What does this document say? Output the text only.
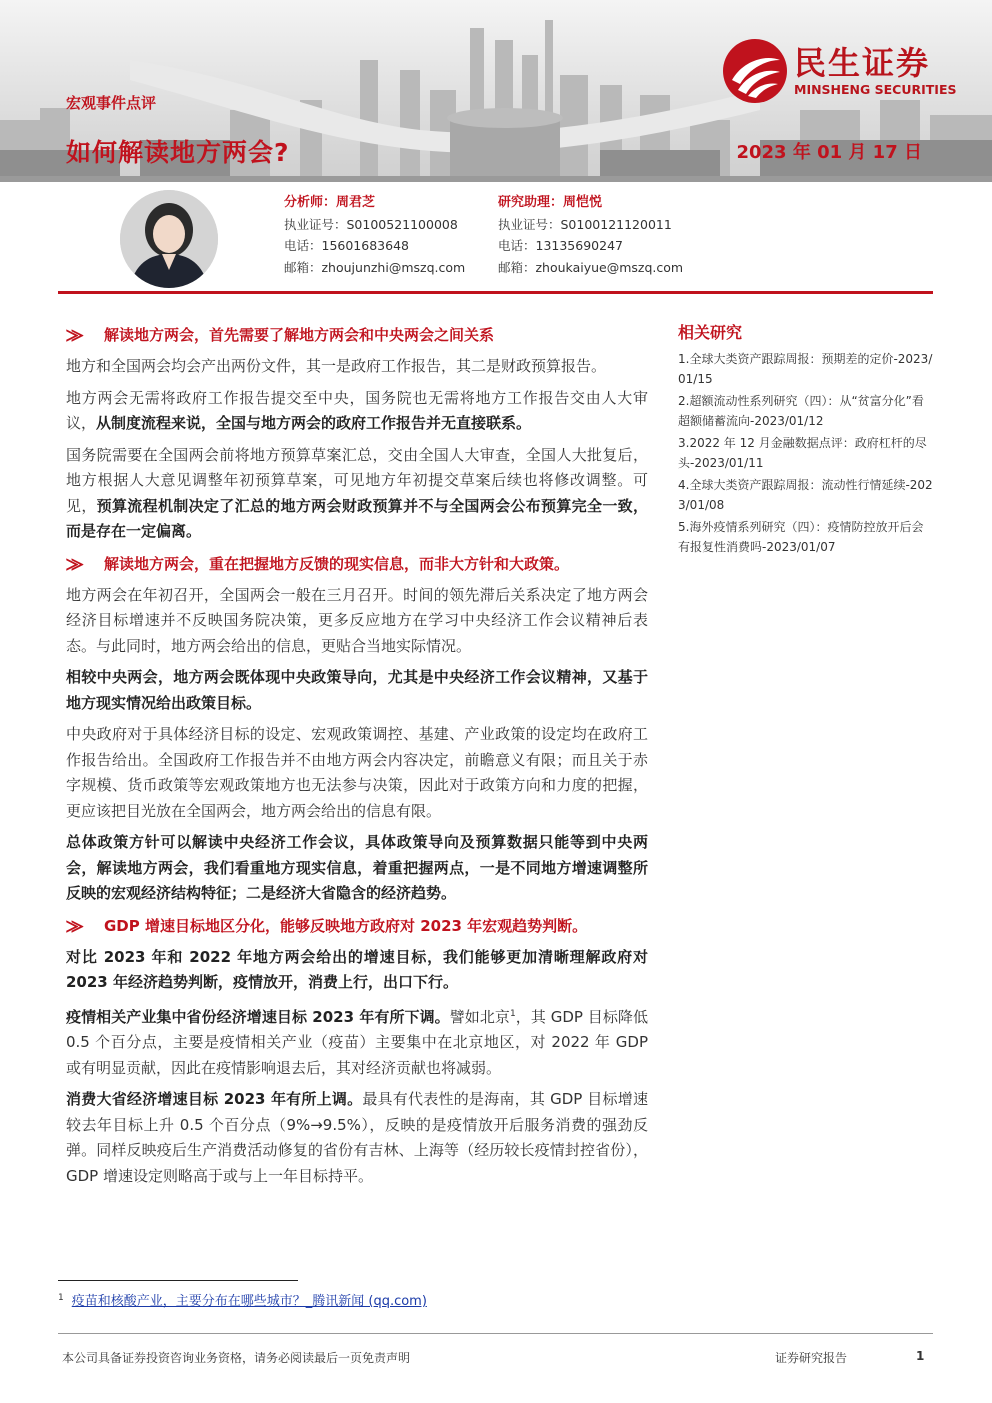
宏观事件点评
如何解读地方两会?	2023 年 01 月 17 日
民生证券
MINSHENG SECURITIES
分析师：周君芝
执业证号：S0100521100008
电话：15601683648
邮箱：zhoujunzhi@mszq.com
研究助理：周恺悦
执业证号：S0100121120011
电话：13135690247
邮箱：zhoukaiyue@mszq.com
⨠ 解读地方两会，首先需要了解地方两会和中央两会之间关系

地方和全国两会均会产出两份文件，其一是政府工作报告，其二是财政预算报告。

地方两会无需将政府工作报告提交至中央，国务院也无需将地方工作报告交由人大审议，从制度流程来说，全国与地方两会的政府工作报告并无直接联系。

国务院需要在全国两会前将地方预算草案汇总，交由全国人大审查，全国人大批复后，地方根据人大意见调整年初预算草案，可见地方年初提交草案后续也将修改调整。可见，预算流程机制决定了汇总的地方两会财政预算并不与全国两会公布预算完全一致，而是存在一定偏离。

⨠ 解读地方两会，重在把握地方反馈的现实信息，而非大方针和大政策。

地方两会在年初召开，全国两会一般在三月召开。时间的领先滞后关系决定了地方两会经济目标增速并不反映国务院决策，更多反应地方在学习中央经济工作会议精神后表态。与此同时，地方两会给出的信息，更贴合当地实际情况。

相较中央两会，地方两会既体现中央政策导向，尤其是中央经济工作会议精神，又基于地方现实情况给出政策目标。

中央政府对于具体经济目标的设定、宏观政策调控、基建、产业政策的设定均在政府工作报告给出。全国政府工作报告并不由地方两会内容决定，前瞻意义有限；而且关于赤字规模、货币政策等宏观政策地方也无法参与决策，因此对于政策方向和力度的把握，更应该把目光放在全国两会，地方两会给出的信息有限。

总体政策方针可以解读中央经济工作会议，具体政策导向及预算数据只能等到中央两会，解读地方两会，我们看重地方现实信息，着重把握两点，一是不同地方增速调整所反映的宏观经济结构特征；二是经济大省隐含的经济趋势。

⨠ GDP 增速目标地区分化，能够反映地方政府对 2023 年宏观趋势判断。

对比 2023 年和 2022 年地方两会给出的增速目标，我们能够更加清晰理解政府对 2023 年经济趋势判断，疫情放开，消费上行，出口下行。

疫情相关产业集中省份经济增速目标 2023 年有所下调。譬如北京$^1$，其 GDP 目标降低 0.5 个百分点，主要是疫情相关产业（疫苗）主要集中在北京地区，对 2022 年 GDP 或有明显贡献，因此在疫情影响退去后，其对经济贡献也将减弱。

消费大省经济增速目标 2023 年有所上调。最具有代表性的是海南，其 GDP 目标增速较去年目标上升 0.5 个百分点（9%→9.5%），反映的是疫情放开后服务消费的强劲反弹。同样反映疫后生产消费活动修复的省份有吉林、上海等（经历较长疫情封控省份），GDP 增速设定则略高于或与上一年目标持平。

相关研究
1.全球大类资产跟踪周报：预期差的定价-2023/01/15
2.超额流动性系列研究（四）：从“贫富分化”看超额储蓄流向-2023/01/12
3.2022 年 12 月金融数据点评：政府杠杆的尽头-2023/01/11
4.全球大类资产跟踪周报：流动性行情延续-2023/01/08
5.海外疫情系列研究（四）：疫情防控放开后会有报复性消费吗-2023/01/07
$^1$ 疫苗和核酸产业，主要分布在哪些城市？_腾讯新闻 (qq.com)
本公司具备证券投资咨询业务资格，请务必阅读最后一页免责声明	证券研究报告	1
